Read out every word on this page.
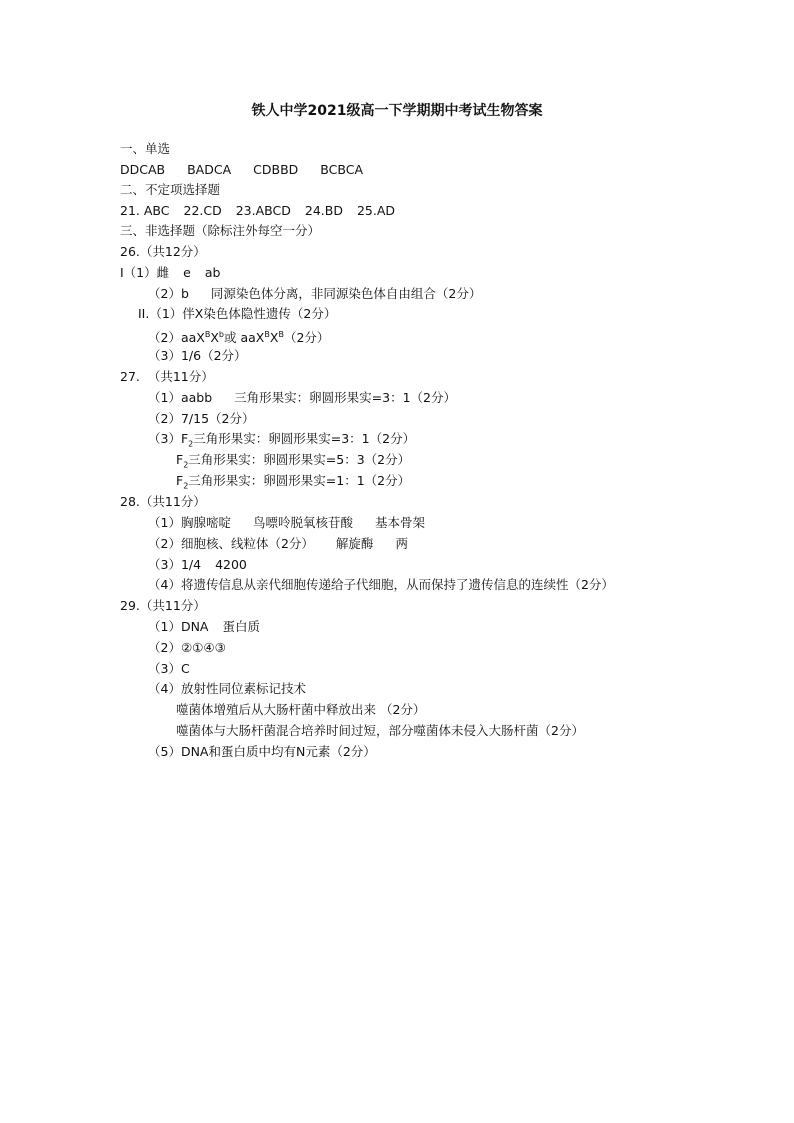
铁人中学2021级高一下学期期中考试生物答案
一、单选
DDCAB BADCA CDBBD BCBCA
二、不定项选择题
21. ABC 22.CD 23.ABCD 24.BD 25.AD
三、非选择题（除标注外每空一分）
26.（共12分）
I（1）雌 e ab
（2）b 同源染色体分离，非同源染色体自由组合（2分）
II.（1）伴X染色体隐性遗传（2分）
$(2)aaX^BX^b$或 $aaX^BX^B(2$分）
（3）1/6（2分）
27.  （共11分）
（1）aabb 三角形果实：卵圆形果实=3：1（2分）
（2）7/15（2分）
$(3)F_2$三角形果实：卵圆形果实=3：1（2分）
$F_2$三角形果实：卵圆形果实=5：3（2分）
$F_2$三角形果实：卵圆形果实=1：1（2分）
28.（共11分）
（1）胸腺嘧啶 鸟嘌呤脱氧核苷酸 基本骨架
（2）细胞核、线粒体（2分） 解旋酶 两
（3）1/4 4200
（4）将遗传信息从亲代细胞传递给子代细胞，从而保持了遗传信息的连续性（2分）
29.（共11分）
（1）DNA 蛋白质
（2）②①④③
（3）C
（4）放射性同位素标记技术
噬菌体增殖后从大肠杆菌中释放出来 （2分）
噬菌体与大肠杆菌混合培养时间过短，部分噬菌体未侵入大肠杆菌（2分）
（5）DNA和蛋白质中均有N元素（2分）
